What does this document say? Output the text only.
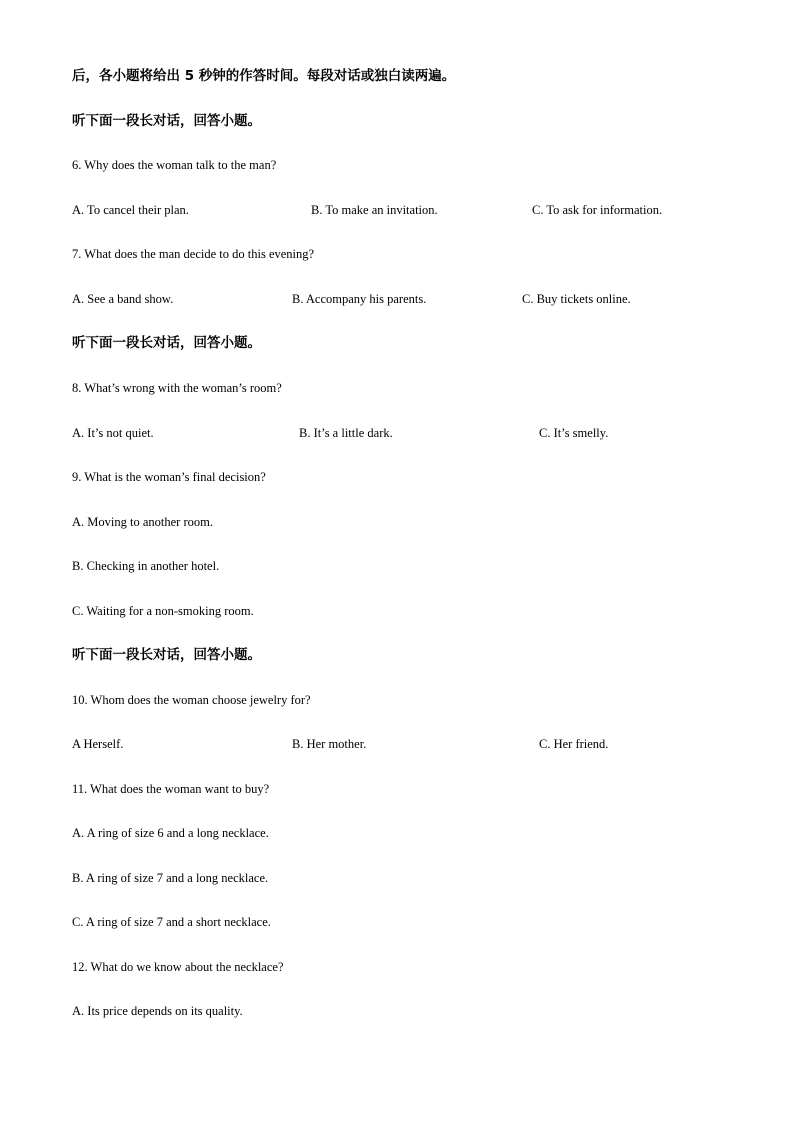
后，各小题将给出 5 秒钟的作答时间。每段对话或独白读两遍。
听下面一段长对话，回答小题。
6. Why does the woman talk to the man?
A. To cancel their plan.	B. To make an invitation.	C. To ask for information.
7. What does the man decide to do this evening?
A. See a band show.	B. Accompany his parents.	C. Buy tickets online.
听下面一段长对话，回答小题。
8. What’s wrong with the woman’s room?
A. It’s not quiet.	B. It’s a little dark.	C. It’s smelly.
9. What is the woman’s final decision?
A. Moving to another room.
B. Checking in another hotel.
C. Waiting for a non-smoking room.
听下面一段长对话，回答小题。
10. Whom does the woman choose jewelry for?
A Herself.	B. Her mother.	C. Her friend.
11. What does the woman want to buy?
A. A ring of size 6 and a long necklace.
B. A ring of size 7 and a long necklace.
C. A ring of size 7 and a short necklace.
12. What do we know about the necklace?
A. Its price depends on its quality.
